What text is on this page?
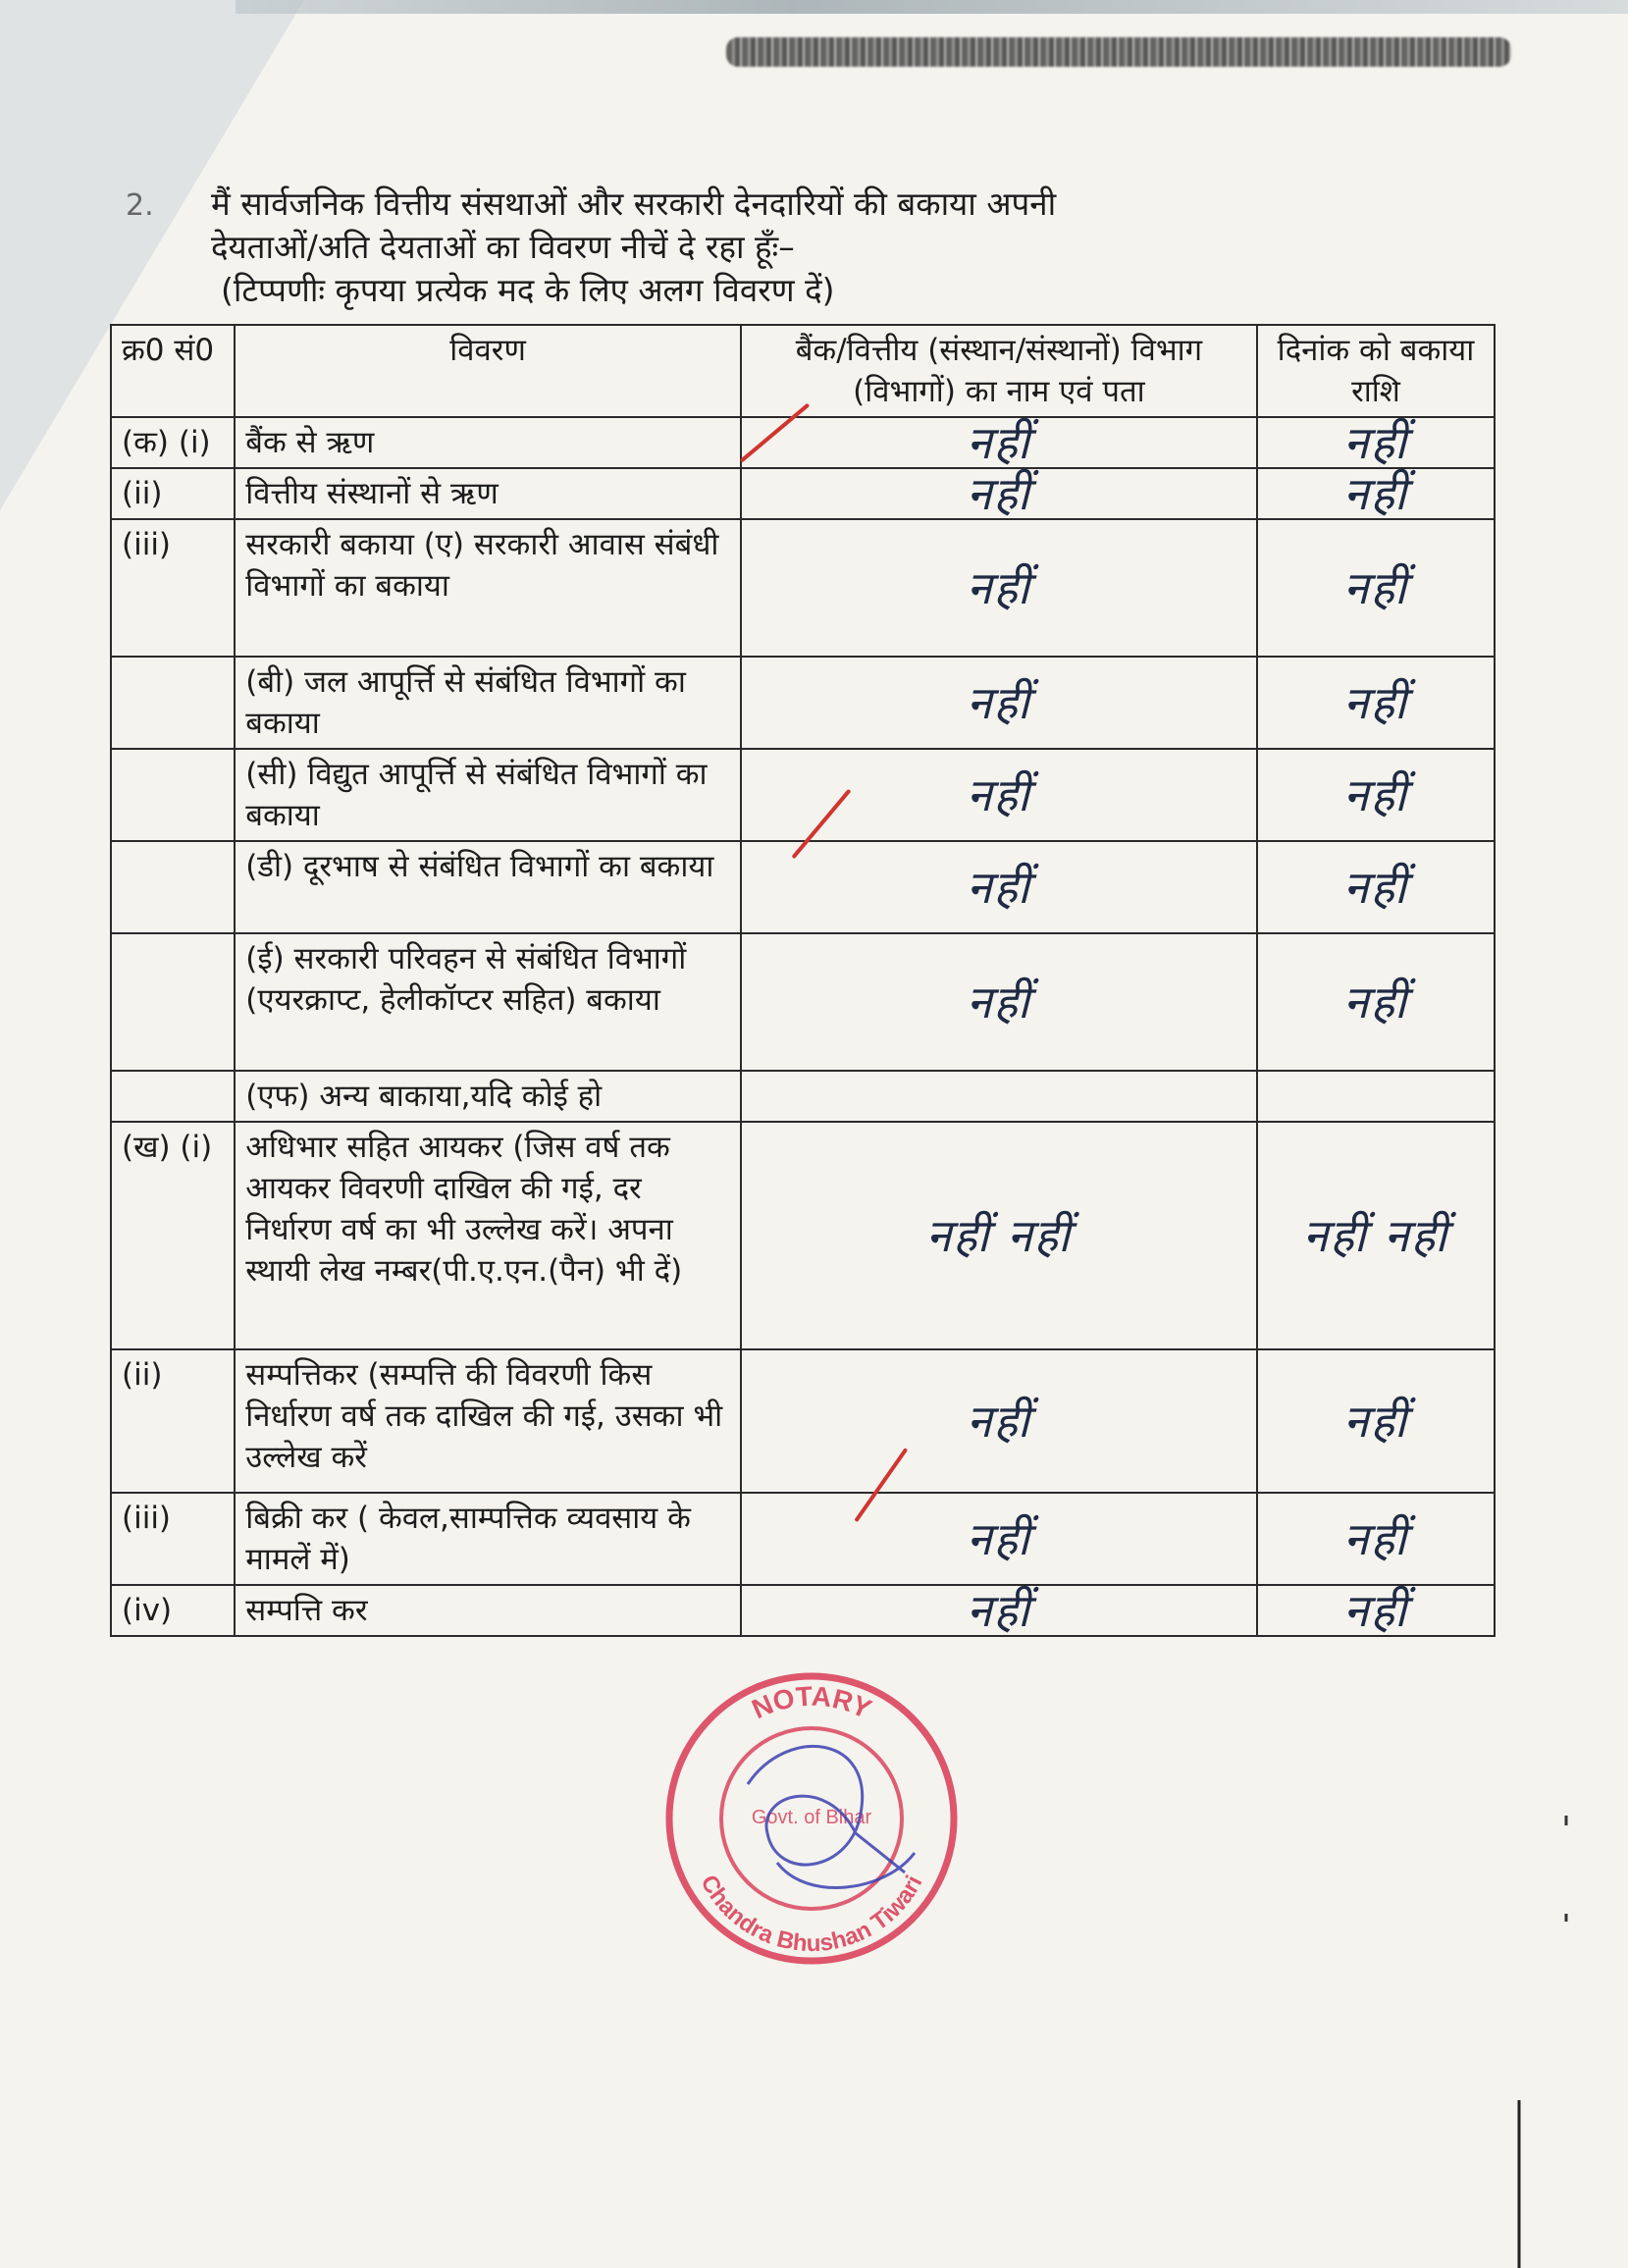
2. मैं सार्वजनिक वित्तीय संसथाओं और सरकारी देनदारियों की बकाया अपनी
देयताओं/अति देयताओं का विवरण नीचें दे रहा हूँः–

(टिप्पणीः कृपया प्रत्येक मद के लिए अलग विवरण दें)
क्र0 सं0	विवरण	बैंक/वित्तीय (संस्थान/संस्थानों) विभाग (विभागों) का नाम एवं पता	दिनांक को बकाया राशि
(क) (i)	बैंक से ऋण	नहीं	नहीं
(ii)	वित्तीय संस्थानों से ऋण	नहीं	नहीं
(iii)	सरकारी बकाया (ए) सरकारी आवास संबंधी विभागों का बकाया	नहीं	नहीं
	(बी) जल आपूर्त्ति से संबंधित विभागों का बकाया	नहीं	नहीं
	(सी) विद्युत आपूर्त्ति से संबंधित विभागों का बकाया	नहीं	नहीं
	(डी) दूरभाष से संबंधित विभागों का बकाया	नहीं	नहीं
	(ई) सरकारी परिवहन से संबंधित विभागों (एयरक्राप्ट, हेलीकॉप्टर सहित) बकाया	नहीं	नहीं
	(एफ) अन्य बाकाया,यदि कोई हो		
(ख) (i)	अधिभार सहित आयकर (जिस वर्ष तक आयकर विवरणी दाखिल की गई, दर निर्धारण वर्ष का भी उल्लेख करें। अपना स्थायी लेख नम्बर(पी.ए.एन.(पैन) भी दें)	नहीं नहीं	नहीं नहीं
(ii)	सम्पत्तिकर (सम्पत्ति की विवरणी किस निर्धारण वर्ष तक दाखिल की गई, उसका भी उल्लेख करें	नहीं	नहीं
(iii)	बिक्री कर ( केवल,साम्पत्तिक व्यवसाय के मामलें में)	नहीं	नहीं
(iv)	सम्पत्ति कर	नहीं	नहीं
NOTARY
Chandra Bhushan Tiwari
Govt. of Bihar
